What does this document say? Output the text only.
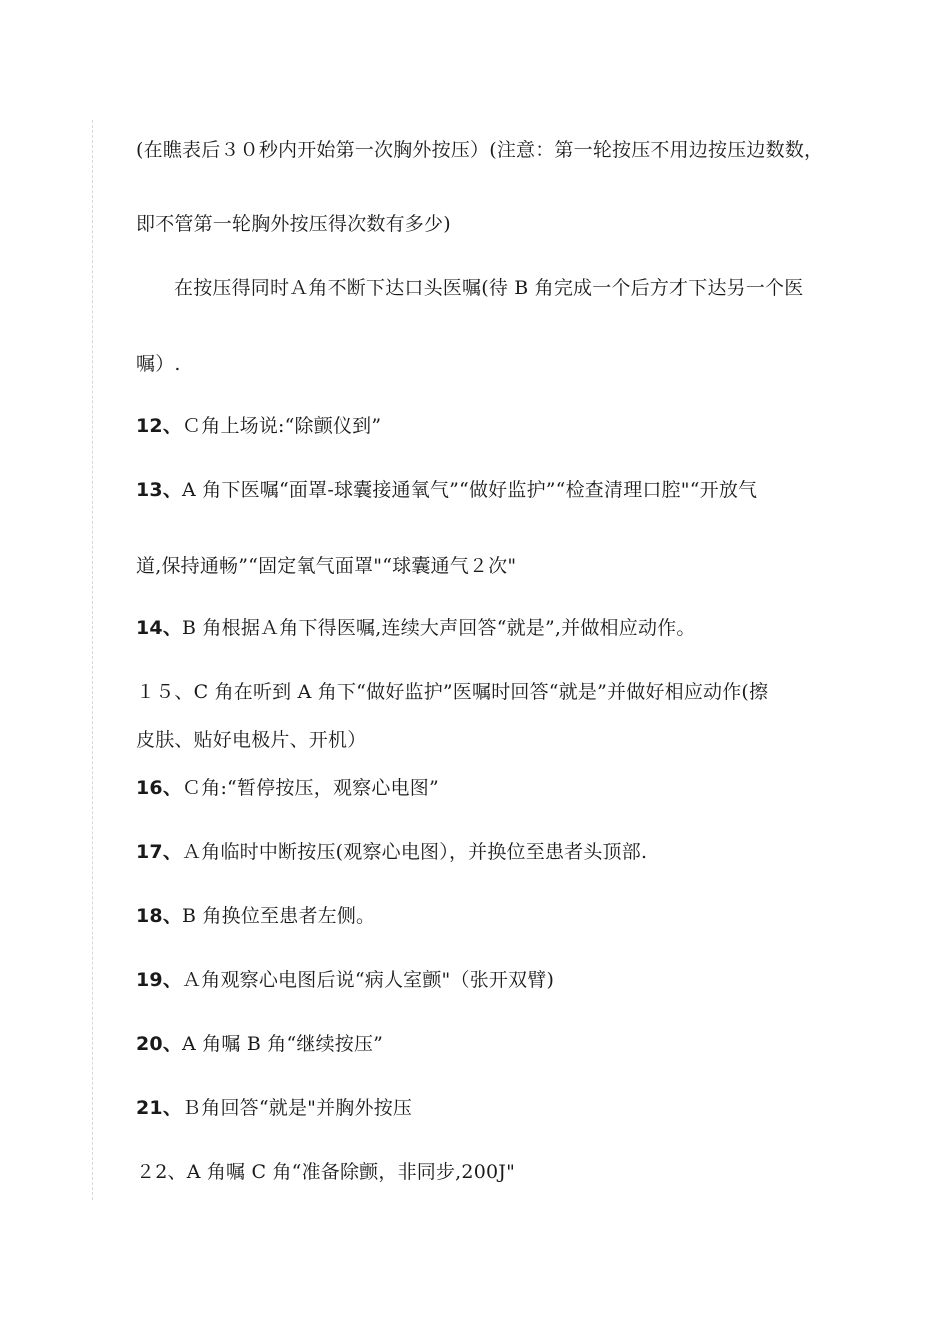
(在瞧表后３０秒内开始第一次胸外按压）(注意：第一轮按压不用边按压边数数，
即不管第一轮胸外按压得次数有多少)
在按压得同时Ａ角不断下达口头医嘱(待 B 角完成一个后方才下达另一个医
嘱）.
12、Ｃ角上场说:“除颤仪到”
13、A 角下医嘱“面罩-球囊接通氧气”“做好监护”“检查清理口腔"“开放气
道,保持通畅”“固定氧气面罩"“球囊通气２次"
14、B 角根据Ａ角下得医嘱,连续大声回答“就是”,并做相应动作。
１５、C 角在听到 A 角下“做好监护”医嘱时回答“就是”并做好相应动作(擦
皮肤、贴好电极片、开机）
16、Ｃ角:“暂停按压，观察心电图”
17、Ａ角临时中断按压(观察心电图），并换位至患者头顶部.
18、B 角换位至患者左侧。
19、Ａ角观察心电图后说“病人室颤"（张开双臂)
20、A 角嘱 B 角“继续按压”
21、Ｂ角回答“就是"并胸外按压
２2、A 角嘱 C 角“准备除颤，非同步,200J"
